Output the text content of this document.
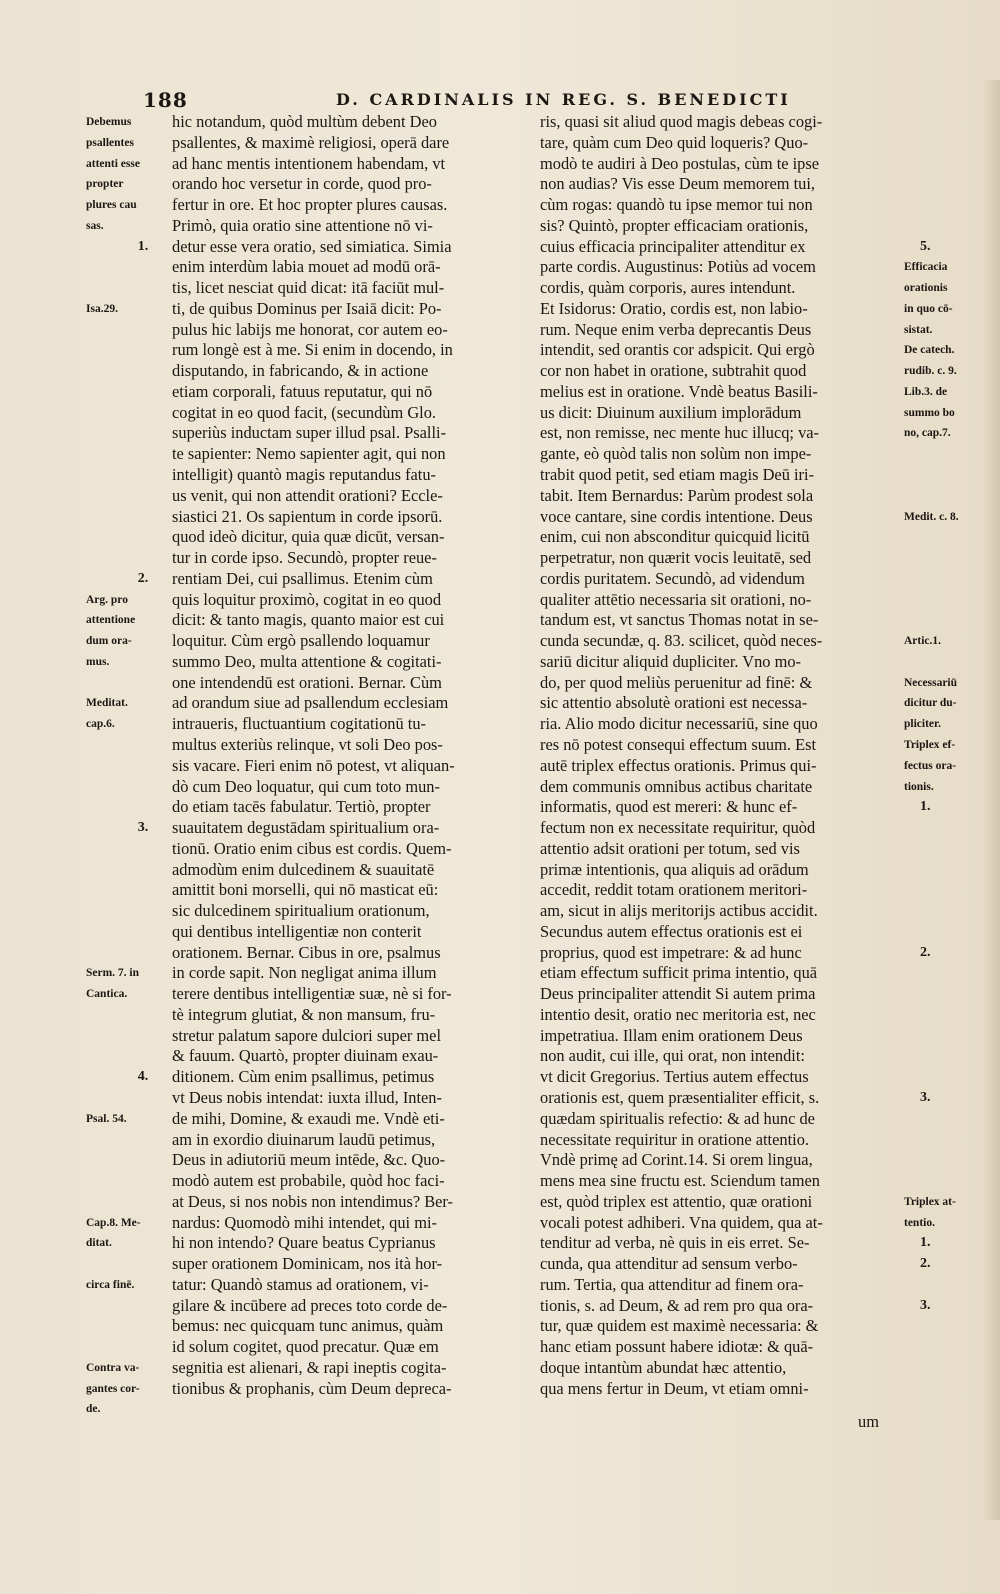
188	D. CARDINALIS IN REG. S. BENEDICTI
Debemus
psallentes
attenti esse
propter
plures cau
sas.
1.
Isa.29.
2.
Arg. pro
attentione
dum ora-
mus.
Meditat.
cap.6.
3.
Serm. 7. in
Cantica.
4.
Psal. 54.
Cap.8. Me-
ditat.
circa finē.
Contra va-
gantes cor-
de.
hic notandum, quòd multùm debent Deo
psallentes, & maximè religiosi, operā dare
ad hanc mentis intentionem habendam, vt
orando hoc versetur in corde, quod pro-
fertur in ore. Et hoc propter plures causas.
Primò, quia oratio sine attentione nō vi-
detur esse vera oratio, sed simiatica. Simia
enim interdùm labia mouet ad modū orā-
tis, licet nesciat quid dicat: itā faciūt mul-
ti, de quibus Dominus per Isaiā dicit: Po-
pulus hic labijs me honorat, cor autem eo-
rum longè est à me. Si enim in docendo, in
disputando, in fabricando, & in actione
etiam corporali, fatuus reputatur, qui nō
cogitat in eo quod facit, (secundùm Glo.
superiùs inductam super illud psal. Psalli-
te sapienter: Nemo sapienter agit, qui non
intelligit) quantò magis reputandus fatu-
us venit, qui non attendit orationi? Eccle-
siastici 21. Os sapientum in corde ipsorū.
quod ideò dicitur, quia quæ dicūt, versan-
tur in corde ipso. Secundò, propter reue-
rentiam Dei, cui psallimus. Etenim cùm
quis loquitur proximò, cogitat in eo quod
dicit: & tanto magis, quanto maior est cui
loquitur. Cùm ergò psallendo loquamur
summo Deo, multa attentione & cogitati-
one intendendū est orationi. Bernar. Cùm
ad orandum siue ad psallendum ecclesiam
intraueris, fluctuantium cogitationū tu-
multus exteriùs relinque, vt soli Deo pos-
sis vacare. Fieri enim nō potest, vt aliquan-
dò cum Deo loquatur, qui cum toto mun-
do etiam tacēs fabulatur. Tertiò, propter
suauitatem degustādam spiritualium ora-
tionū. Oratio enim cibus est cordis. Quem-
admodùm enim dulcedinem & suauitatē
amittit boni morselli, qui nō masticat eū:
sic dulcedinem spiritualium orationum,
qui dentibus intelligentiæ non conterit
orationem. Bernar. Cibus in ore, psalmus
in corde sapit. Non negligat anima illum
terere dentibus intelligentiæ suæ, nè si for-
tè integrum glutiat, & non mansum, fru-
stretur palatum sapore dulciori super mel
& fauum. Quartò, propter diuinam exau-
ditionem. Cùm enim psallimus, petimus
vt Deus nobis intendat: iuxta illud, Inten-
de mihi, Domine, & exaudi me. Vndè eti-
am in exordio diuinarum laudū petimus,
Deus in adiutoriū meum intēde, &c. Quo-
modò autem est probabile, quòd hoc faci-
at Deus, si nos nobis non intendimus? Ber-
nardus: Quomodò mihi intendet, qui mi-
hi non intendo? Quare beatus Cyprianus
super orationem Dominicam, nos ità hor-
tatur: Quandò stamus ad orationem, vi-
gilare & incūbere ad preces toto corde de-
bemus: nec quicquam tunc animus, quàm
id solum cogitet, quod precatur. Quæ em
segnitia est alienari, & rapi ineptis cogita-
tionibus & prophanis, cùm Deum depreca-
ris, quasi sit aliud quod magis debeas cogi-
tare, quàm cum Deo quid loqueris? Quo-
modò te audiri à Deo postulas, cùm te ipse
non audias? Vis esse Deum memorem tui,
cùm rogas: quandò tu ipse memor tui non
sis? Quintò, propter efficaciam orationis,
cuius efficacia principaliter attenditur ex
parte cordis. Augustinus: Potiùs ad vocem
cordis, quàm corporis, aures intendunt.
Et Isidorus: Oratio, cordis est, non labio-
rum. Neque enim verba deprecantis Deus
intendit, sed orantis cor adspicit. Qui ergò
cor non habet in oratione, subtrahit quod
melius est in oratione. Vndè beatus Basili-
us dicit: Diuinum auxilium implorādum
est, non remisse, nec mente huc illucq; va-
gante, eò quòd talis non solùm non impe-
trabit quod petit, sed etiam magis Deū iri-
tabit. Item Bernardus: Parùm prodest sola
voce cantare, sine cordis intentione. Deus
enim, cui non absconditur quicquid licitū
perpetratur, non quærit vocis leuitatē, sed
cordis puritatem. Secundò, ad videndum
qualiter attētio necessaria sit orationi, no-
tandum est, vt sanctus Thomas notat in se-
cunda secundæ, q. 83. scilicet, quòd neces-
sariū dicitur aliquid dupliciter. Vno mo-
do, per quod meliùs peruenitur ad finē: &
sic attentio absolutè orationi est necessa-
ria. Alio modo dicitur necessariū, sine quo
res nō potest consequi effectum suum. Est
autē triplex effectus orationis. Primus qui-
dem communis omnibus actibus charitate
informatis, quod est mereri: & hunc ef-
fectum non ex necessitate requiritur, quòd
attentio adsit orationi per totum, sed vis
primæ intentionis, qua aliquis ad orādum
accedit, reddit totam orationem meritori-
am, sicut in alijs meritorijs actibus accidit.
Secundus autem effectus orationis est ei
proprius, quod est impetrare: & ad hunc
etiam effectum sufficit prima intentio, quā
Deus principaliter attendit Si autem prima
intentio desit, oratio nec meritoria est, nec
impetratiua. Illam enim orationem Deus
non audit, cui ille, qui orat, non intendit:
vt dicit Gregorius. Tertius autem effectus
orationis est, quem præsentialiter efficit, s.
quædam spiritualis refectio: & ad hunc de
necessitate requiritur in oratione attentio.
Vndè primę ad Corint.14. Si orem lingua,
mens mea sine fructu est. Sciendum tamen
est, quòd triplex est attentio, quæ orationi
vocali potest adhiberi. Vna quidem, qua at-
tenditur ad verba, nè quis in eis erret. Se-
cunda, qua attenditur ad sensum verbo-
rum. Tertia, qua attenditur ad finem ora-
tionis, s. ad Deum, & ad rem pro qua ora-
tur, quæ quidem est maximè necessaria: &
hanc etiam possunt habere idiotæ: & quā-
doque intantùm abundat hæc attentio,
qua mens fertur in Deum, vt etiam omni-
5.
Efficacia
orationis
in quo cō-
sistat.
De catech.
rudib. c. 9.
Lib.3. de
summo bo
no, cap.7.
Medit. c. 8.
Artic.1.
Necessariū
dicitur du-
pliciter.
Triplex ef-
fectus ora-
tionis.
1.
2.
3.
Triplex at-
tentio.
1.
2.
3.
um
